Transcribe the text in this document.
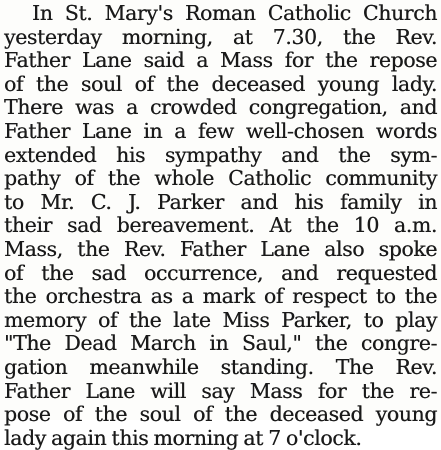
In St. Mary's Roman Catholic Church
yesterday morning, at 7.30, the Rev.
Father Lane said a Mass for the repose
of the soul of the deceased young lady.
There was a crowded congregation, and
Father Lane in a few well-chosen words
extended his sympathy and the sym-
pathy of the whole Catholic community
to Mr. C. J. Parker and his family in
their sad bereavement. At the 10 a.m.
Mass, the Rev. Father Lane also spoke
of the sad occurrence, and requested
the orchestra as a mark of respect to the
memory of the late Miss Parker, to play
"The Dead March in Saul," the congre-
gation meanwhile standing. The Rev.
Father Lane will say Mass for the re-
pose of the soul of the deceased young
lady again this morning at 7 o'clock.
